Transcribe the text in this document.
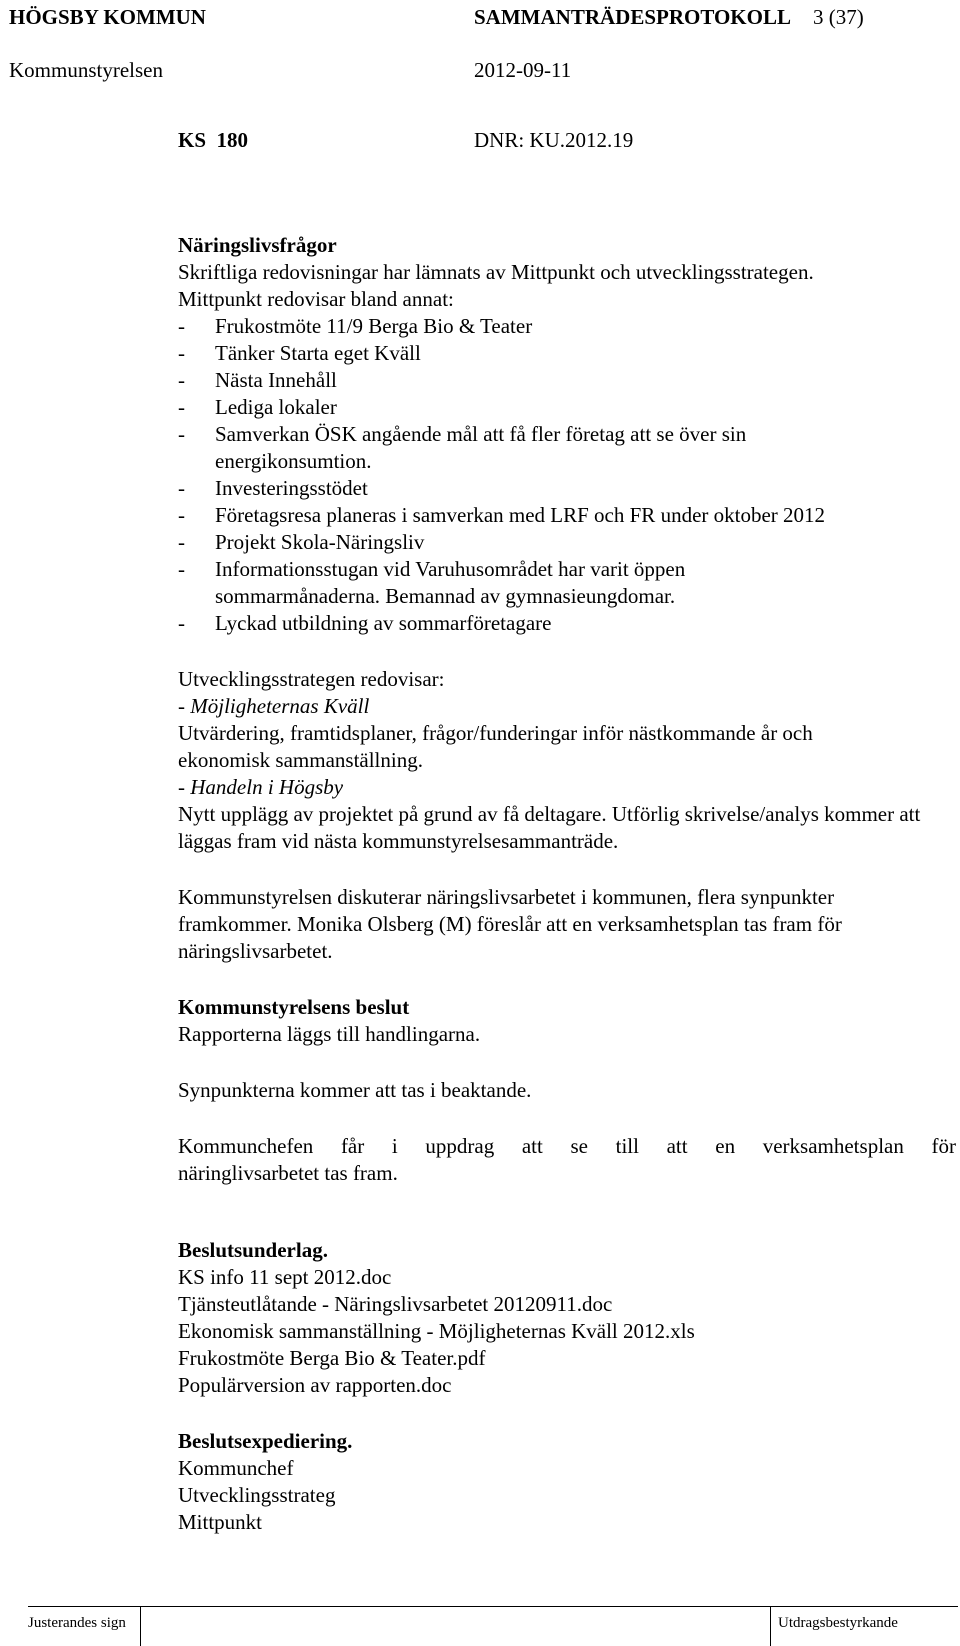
HÖGSBY KOMMUN	SAMMANTRÄDESPROTOKOLL 3 (37)
Kommunstyrelsen	2012-09-11
KS  180	DNR: KU.2012.19

Näringslivsfrågor

Skriftliga redovisningar har lämnats av Mittpunkt och utvecklingsstrategen.

Mittpunkt redovisar bland annat:

- Frukostmöte 11/9 Berga Bio & Teater
- Tänker Starta eget Kväll
- Nästa Innehåll
- Lediga lokaler
- Samverkan ÖSK angående mål att få fler företag att se över sin energikonsumtion.
- Investeringsstödet
- Företagsresa planeras i samverkan med LRF och FR under oktober 2012
- Projekt Skola-Näringsliv
- Informationsstugan vid Varuhusområdet har varit öppen sommarmånaderna. Bemannad av gymnasieungdomar.
- Lyckad utbildning av sommarföretagare

Utvecklingsstrategen redovisar:

- Möjligheternas Kväll

Utvärdering, framtidsplaner, frågor/funderingar inför nästkommande år och ekonomisk sammanställning.

- Handeln i Högsby

Nytt upplägg av projektet på grund av få deltagare. Utförlig skrivelse/analys kommer att läggas fram vid nästa kommunstyrelsesammanträde.

Kommunstyrelsen diskuterar näringslivsarbetet i kommunen, flera synpunkter framkommer. Monika Olsberg (M) föreslår att en verksamhetsplan tas fram för näringslivsarbetet.

Kommunstyrelsens beslut

Rapporterna läggs till handlingarna.

Synpunkterna kommer att tas i beaktande.

Kommunchefen får i uppdrag att se till att en verksamhetsplan för

näringlivsarbetet tas fram.

Beslutsunderlag.

KS info 11 sept 2012.doc

Tjänsteutlåtande - Näringslivsarbetet 20120911.doc

Ekonomisk sammanställning - Möjligheternas Kväll 2012.xls

Frukostmöte Berga Bio & Teater.pdf

Populärversion av rapporten.doc

Beslutsexpediering.

Kommunchef

Utvecklingsstrateg

Mittpunkt

Justerandes sign	Utdragsbestyrkande
